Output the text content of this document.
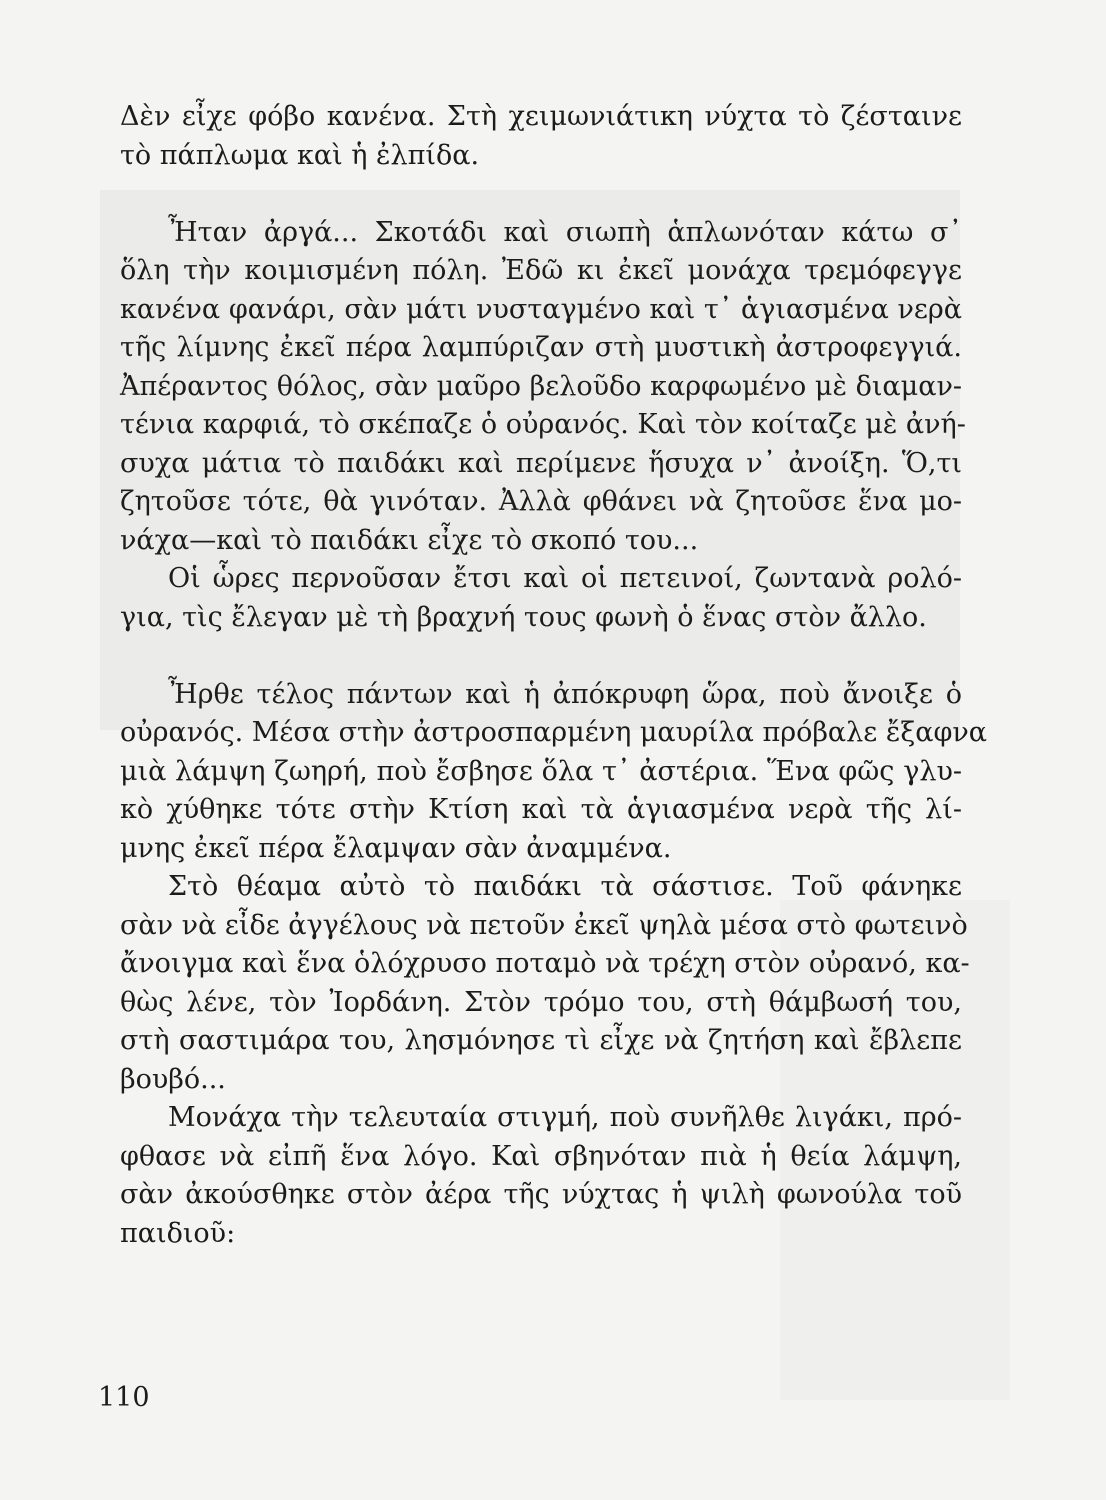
Δὲν εἶχε φόβο κανένα. Στὴ χειμωνιάτικη νύχτα τὸ ζέσταινε
τὸ πάπλωμα καὶ ἡ ἐλπίδα.
Ἦταν ἀργά... Σκοτάδι καὶ σιωπὴ ἁπλωνόταν κάτω σ᾽
ὅλη τὴν κοιμισμένη πόλη. Ἐδῶ κι ἐκεῖ μονάχα τρεμόφεγγε
κανένα φανάρι, σὰν μάτι νυσταγμένο καὶ τ᾽ ἁγιασμένα νερὰ
τῆς λίμνης ἐκεῖ πέρα λαμπύριζαν στὴ μυστικὴ ἀστροφεγγιά.
Ἀπέραντος θόλος, σὰν μαῦρο βελοῦδο καρφωμένο μὲ διαμαν-
τένια καρφιά, τὸ σκέπαζε ὁ οὐρανός. Καὶ τὸν κοίταζε μὲ ἀνή-
συχα μάτια τὸ παιδάκι καὶ περίμενε ἥσυχα ν᾽ ἀνοίξη. Ὅ,τι
ζητοῦσε τότε, θὰ γινόταν. Ἀλλὰ φθάνει νὰ ζητοῦσε ἕνα μο-
νάχα—καὶ τὸ παιδάκι εἶχε τὸ σκοπό του...
Οἱ ὧρες περνοῦσαν ἔτσι καὶ οἱ πετεινοί, ζωντανὰ ρολό-
για, τὶς ἔλεγαν μὲ τὴ βραχνή τους φωνὴ ὁ ἕνας στὸν ἄλλο.
Ἦρθε τέλος πάντων καὶ ἡ ἀπόκρυφη ὥρα, ποὺ ἄνοιξε ὁ
οὐρανός. Μέσα στὴν ἀστροσπαρμένη μαυρίλα πρόβαλε ἔξαφνα
μιὰ λάμψη ζωηρή, ποὺ ἔσβησε ὅλα τ᾽ ἀστέρια. Ἕνα φῶς γλυ-
κὸ χύθηκε τότε στὴν Κτίση καὶ τὰ ἁγιασμένα νερὰ τῆς λί-
μνης ἐκεῖ πέρα ἔλαμψαν σὰν ἀναμμένα.
Στὸ θέαμα αὐτὸ τὸ παιδάκι τὰ σάστισε. Τοῦ φάνηκε
σὰν νὰ εἶδε ἀγγέλους νὰ πετοῦν ἐκεῖ ψηλὰ μέσα στὸ φωτεινὸ
ἄνοιγμα καὶ ἕνα ὁλόχρυσο ποταμὸ νὰ τρέχη στὸν οὐρανό, κα-
θὼς λένε, τὸν Ἰορδάνη. Στὸν τρόμο του, στὴ θάμβωσή του,
στὴ σαστιμάρα του, λησμόνησε τὶ εἶχε νὰ ζητήση καὶ ἔβλεπε
βουβό...
Μονάχα τὴν τελευταία στιγμή, ποὺ συνῆλθε λιγάκι, πρό-
φθασε νὰ εἰπῆ ἕνα λόγο. Καὶ σβηνόταν πιὰ ἡ θεία λάμψη,
σὰν ἀκούσθηκε στὸν ἀέρα τῆς νύχτας ἡ ψιλὴ φωνούλα τοῦ
παιδιοῦ:
110
